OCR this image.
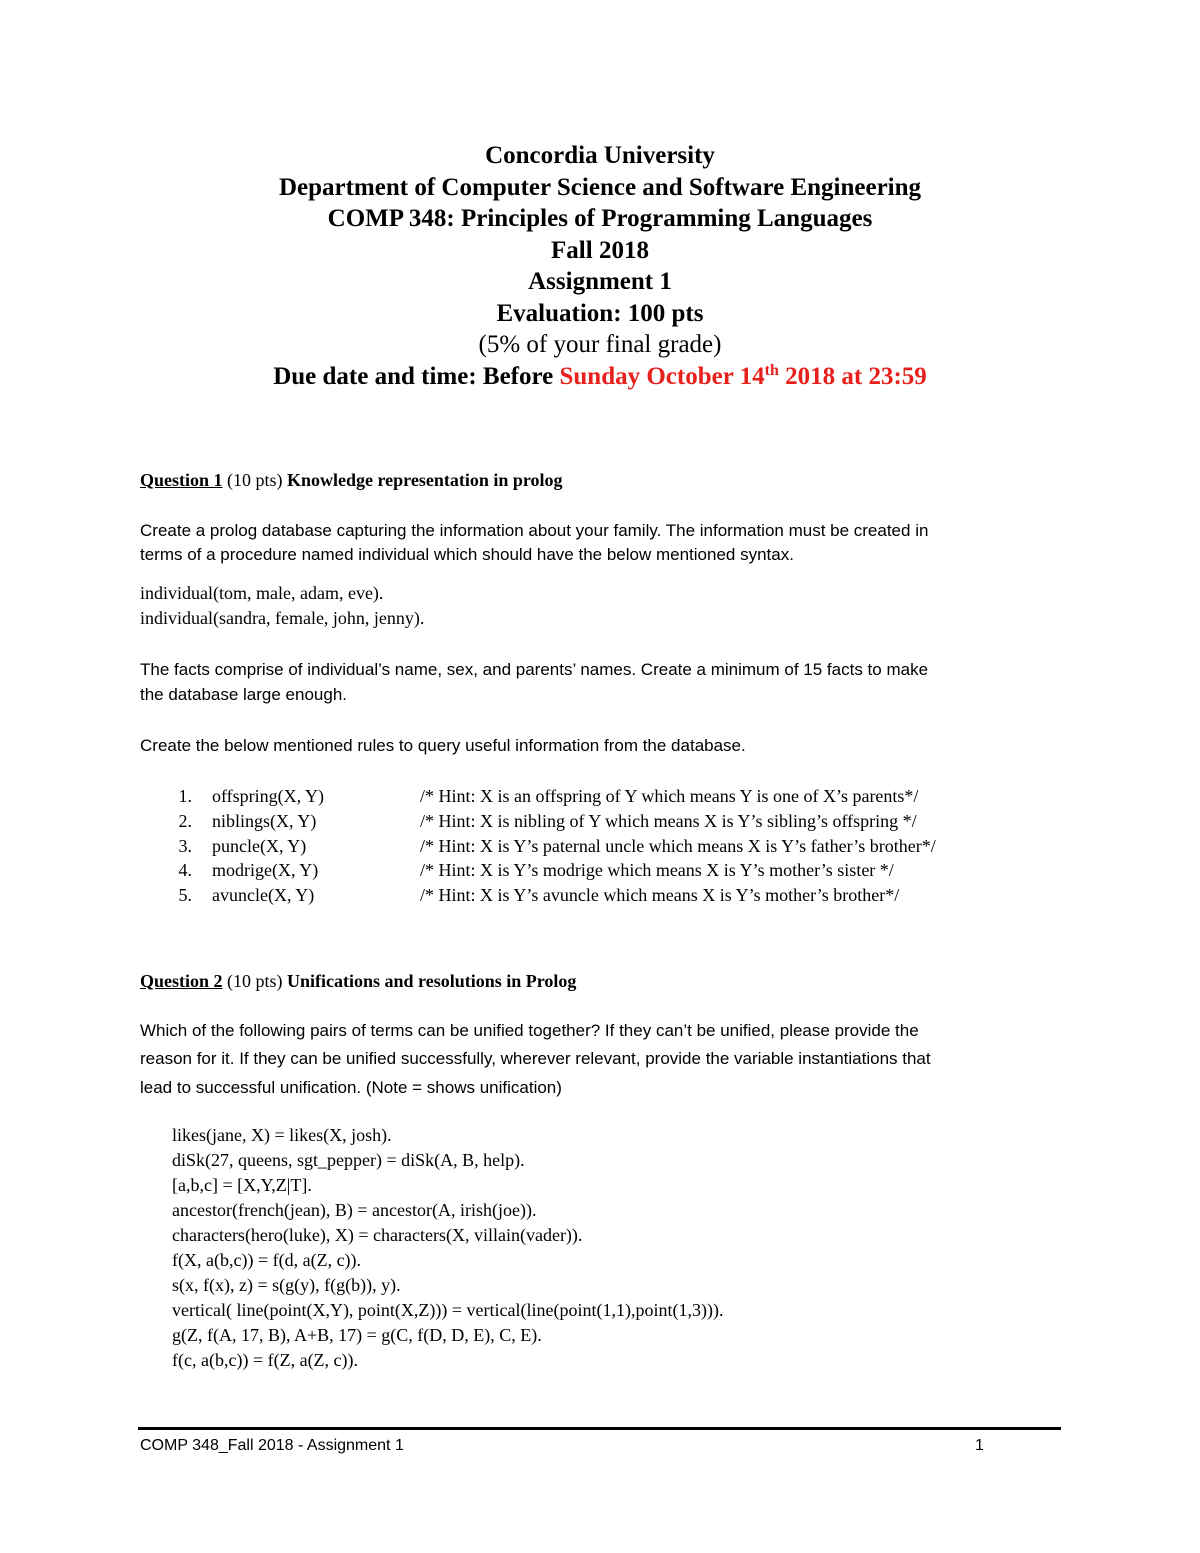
Concordia University
Department of Computer Science and Software Engineering
COMP 348: Principles of Programming Languages
Fall 2018
Assignment 1
Evaluation: 100 pts
(5% of your final grade)
Due date and time: Before Sunday October 14th 2018 at 23:59
Question 1 (10 pts) Knowledge representation in prolog
Create a prolog database capturing the information about your family. The information must be created in
terms of a procedure named individual which should have the below mentioned syntax.
individual(tom, male, adam, eve).
individual(sandra, female, john, jenny).
The facts comprise of individual’s name, sex, and parents’ names. Create a minimum of 15 facts to make
the database large enough.
Create the below mentioned rules to query useful information from the database.
1. offspring(X, Y)	/* Hint: X is an offspring of Y which means Y is one of X’s parents*/
2. niblings(X, Y)	/* Hint: X is nibling of Y which means X is Y’s sibling’s offspring */
3. puncle(X, Y)	/* Hint: X is Y’s paternal uncle which means X is Y’s father’s brother*/
4. modrige(X, Y)	/* Hint: X is Y’s modrige which means X is Y’s mother’s sister */
5. avuncle(X, Y)	/* Hint: X is Y’s avuncle which means X is Y’s mother’s brother*/
Question 2 (10 pts) Unifications and resolutions in Prolog
Which of the following pairs of terms can be unified together? If they can’t be unified, please provide the
reason for it. If they can be unified successfully, wherever relevant, provide the variable instantiations that
lead to successful unification. (Note = shows unification)
likes(jane, X) = likes(X, josh).
diSk(27, queens, sgt_pepper) = diSk(A, B, help).
[a,b,c] = [X,Y,Z|T].
ancestor(french(jean), B) = ancestor(A, irish(joe)).
characters(hero(luke), X) = characters(X, villain(vader)).
f(X, a(b,c)) = f(d, a(Z, c)).
s(x, f(x), z) = s(g(y), f(g(b)), y).
vertical( line(point(X,Y), point(X,Z))) = vertical(line(point(1,1),point(1,3))).
g(Z, f(A, 17, B), A+B, 17) = g(C, f(D, D, E), C, E).
f(c, a(b,c)) = f(Z, a(Z, c)).
COMP 348_Fall 2018 - Assignment 1	1
